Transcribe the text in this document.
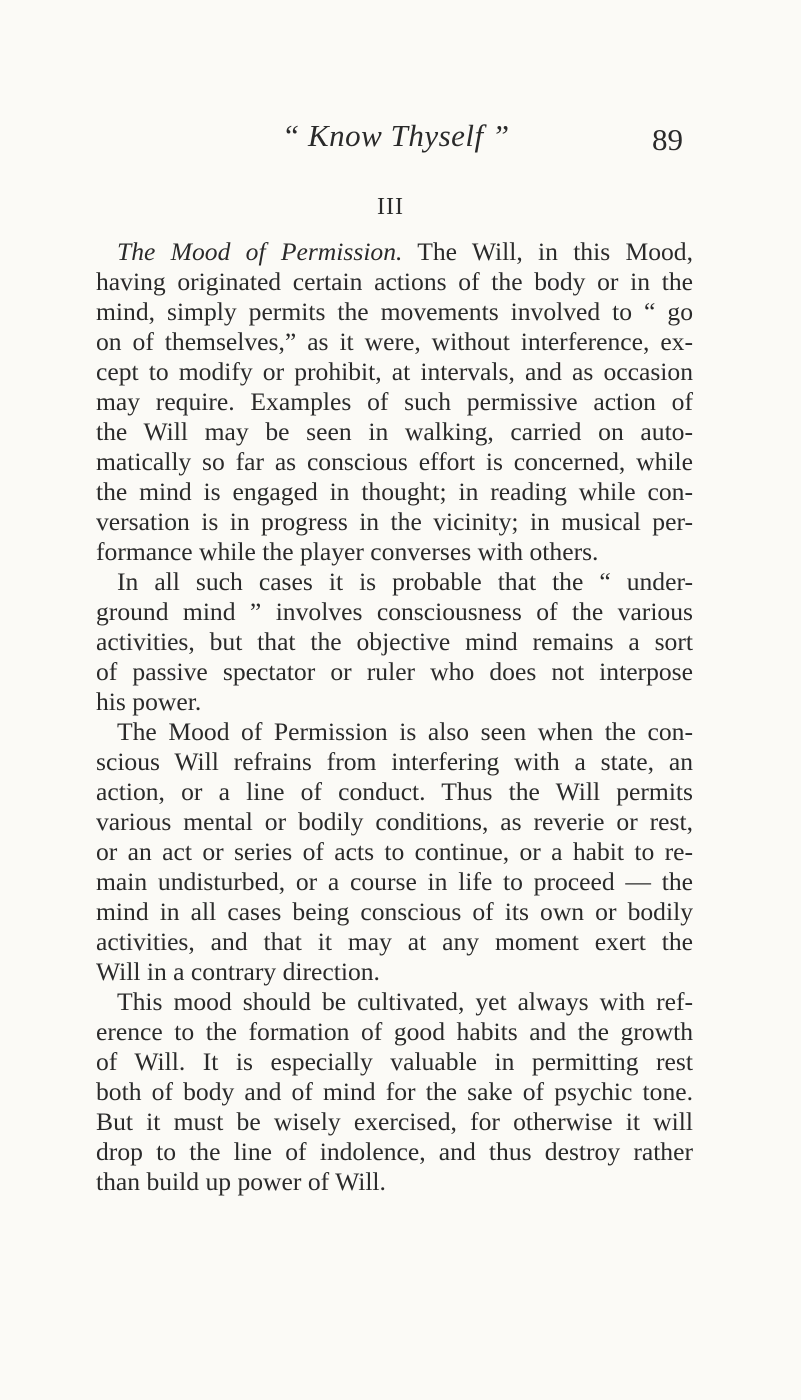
“ Know Thyself ”	89
III
The Mood of Permission. The Will, in this Mood,
having originated certain actions of the body or in the
mind, simply permits the movements involved to “ go
on of themselves,” as it were, without interference, ex-
cept to modify or prohibit, at intervals, and as occasion
may require. Examples of such permissive action of
the Will may be seen in walking, carried on auto-
matically so far as conscious effort is concerned, while
the mind is engaged in thought; in reading while con-
versation is in progress in the vicinity; in musical per-
formance while the player converses with others.
In all such cases it is probable that the “ under-
ground mind ” involves consciousness of the various
activities, but that the objective mind remains a sort
of passive spectator or ruler who does not interpose
his power.
The Mood of Permission is also seen when the con-
scious Will refrains from interfering with a state, an
action, or a line of conduct. Thus the Will permits
various mental or bodily conditions, as reverie or rest,
or an act or series of acts to continue, or a habit to re-
main undisturbed, or a course in life to proceed — the
mind in all cases being conscious of its own or bodily
activities, and that it may at any moment exert the
Will in a contrary direction.
This mood should be cultivated, yet always with ref-
erence to the formation of good habits and the growth
of Will. It is especially valuable in permitting rest
both of body and of mind for the sake of psychic tone.
But it must be wisely exercised, for otherwise it will
drop to the line of indolence, and thus destroy rather
than build up power of Will.
